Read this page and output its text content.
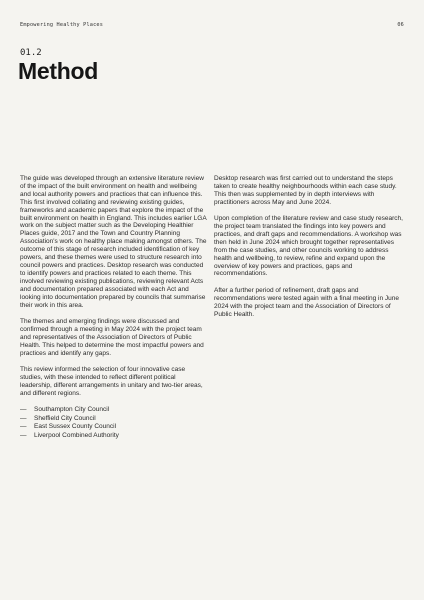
Empowering Healthy Places	06
01.2
Method

The guide was developed through an extensive literature review of the impact of the built environment on health and wellbeing and local authority powers and practices that can influence this. This first involved collating and reviewing existing guides, frameworks and academic papers that explore the impact of the built environment on health in England. This includes earlier LGA work on the subject matter such as the Developing Healthier Places guide, 2017 and the Town and Country Planning Association's work on healthy place making amongst others. The outcome of this stage of research included identification of key powers, and these themes were used to structure research into council powers and practices. Desktop research was conducted to identify powers and practices related to each theme. This involved reviewing existing publications, reviewing relevant Acts and documentation prepared associated with each Act and looking into documentation prepared by councils that summarise their work in this area.

The themes and emerging findings were discussed and confirmed through a meeting in May 2024 with the project team and representatives of the Association of Directors of Public Health. This helped to determine the most impactful powers and practices and identify any gaps.

This review informed the selection of four innovative case studies, with these intended to reflect different political leadership, different arrangements in unitary and two-tier areas, and different regions.

— Southampton City Council
— Sheffield City Council
— East Sussex County Council
— Liverpool Combined Authority

Desktop research was first carried out to understand the steps taken to create healthy neighbourhoods within each case study. This then was supplemented by in depth interviews with practitioners across May and June 2024.

Upon completion of the literature review and case study research, the project team translated the findings into key powers and practices, and draft gaps and recommendations. A workshop was then held in June 2024 which brought together representatives from the case studies, and other councils working to address health and wellbeing, to review, refine and expand upon the overview of key powers and practices, gaps and recommendations.

After a further period of refinement, draft gaps and recommendations were tested again with a final meeting in June 2024 with the project team and the Association of Directors of Public Health.
